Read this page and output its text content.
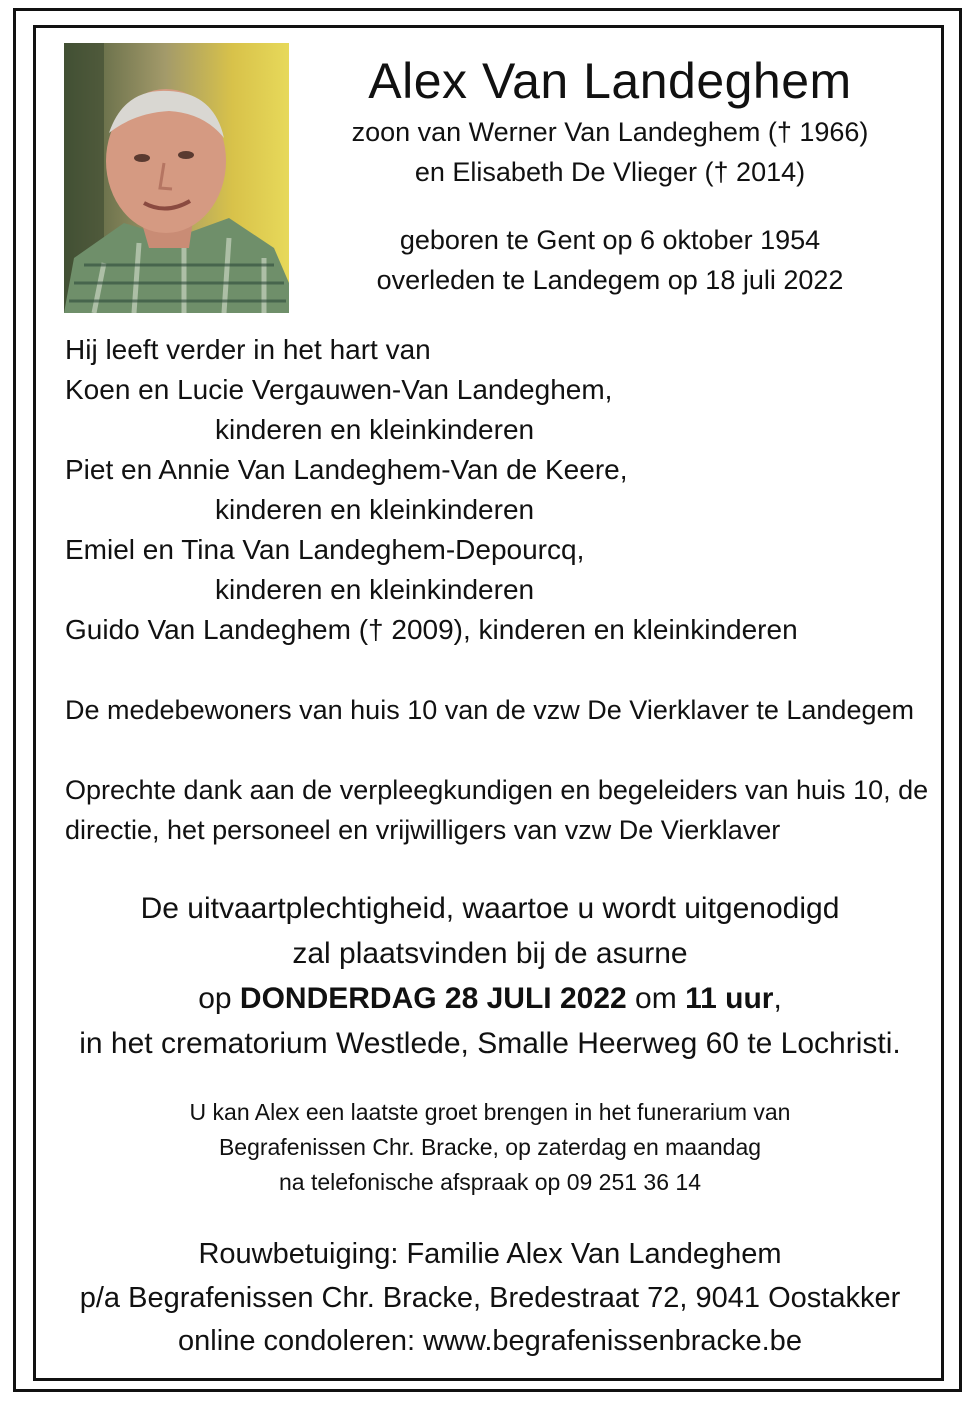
Alex Van Landeghem
zoon van Werner Van Landeghem († 1966)
en Elisabeth De Vlieger († 2014)
geboren te Gent op 6 oktober 1954
overleden te Landegem op 18 juli 2022
Hij leeft verder in het hart van
Koen en Lucie Vergauwen-Van Landeghem,
kinderen en kleinkinderen
Piet en Annie Van Landeghem-Van de Keere,
kinderen en kleinkinderen
Emiel en Tina Van Landeghem-Depourcq,
kinderen en kleinkinderen
Guido Van Landeghem († 2009), kinderen en kleinkinderen
De medebewoners van huis 10 van de vzw De Vierklaver te Landegem
Oprechte dank aan de verpleegkundigen en begeleiders van huis 10, de
directie, het personeel en vrijwilligers van vzw De Vierklaver
De uitvaartplechtigheid, waartoe u wordt uitgenodigd
zal plaatsvinden bij de asurne
op DONDERDAG 28 JULI 2022 om 11 uur,
in het crematorium Westlede, Smalle Heerweg 60 te Lochristi.
U kan Alex een laatste groet brengen in het funerarium van
Begrafenissen Chr. Bracke, op zaterdag en maandag
na telefonische afspraak op 09 251 36 14
Rouwbetuiging: Familie Alex Van Landeghem
p/a Begrafenissen Chr. Bracke, Bredestraat 72, 9041 Oostakker
online condoleren: www.begrafenissenbracke.be
